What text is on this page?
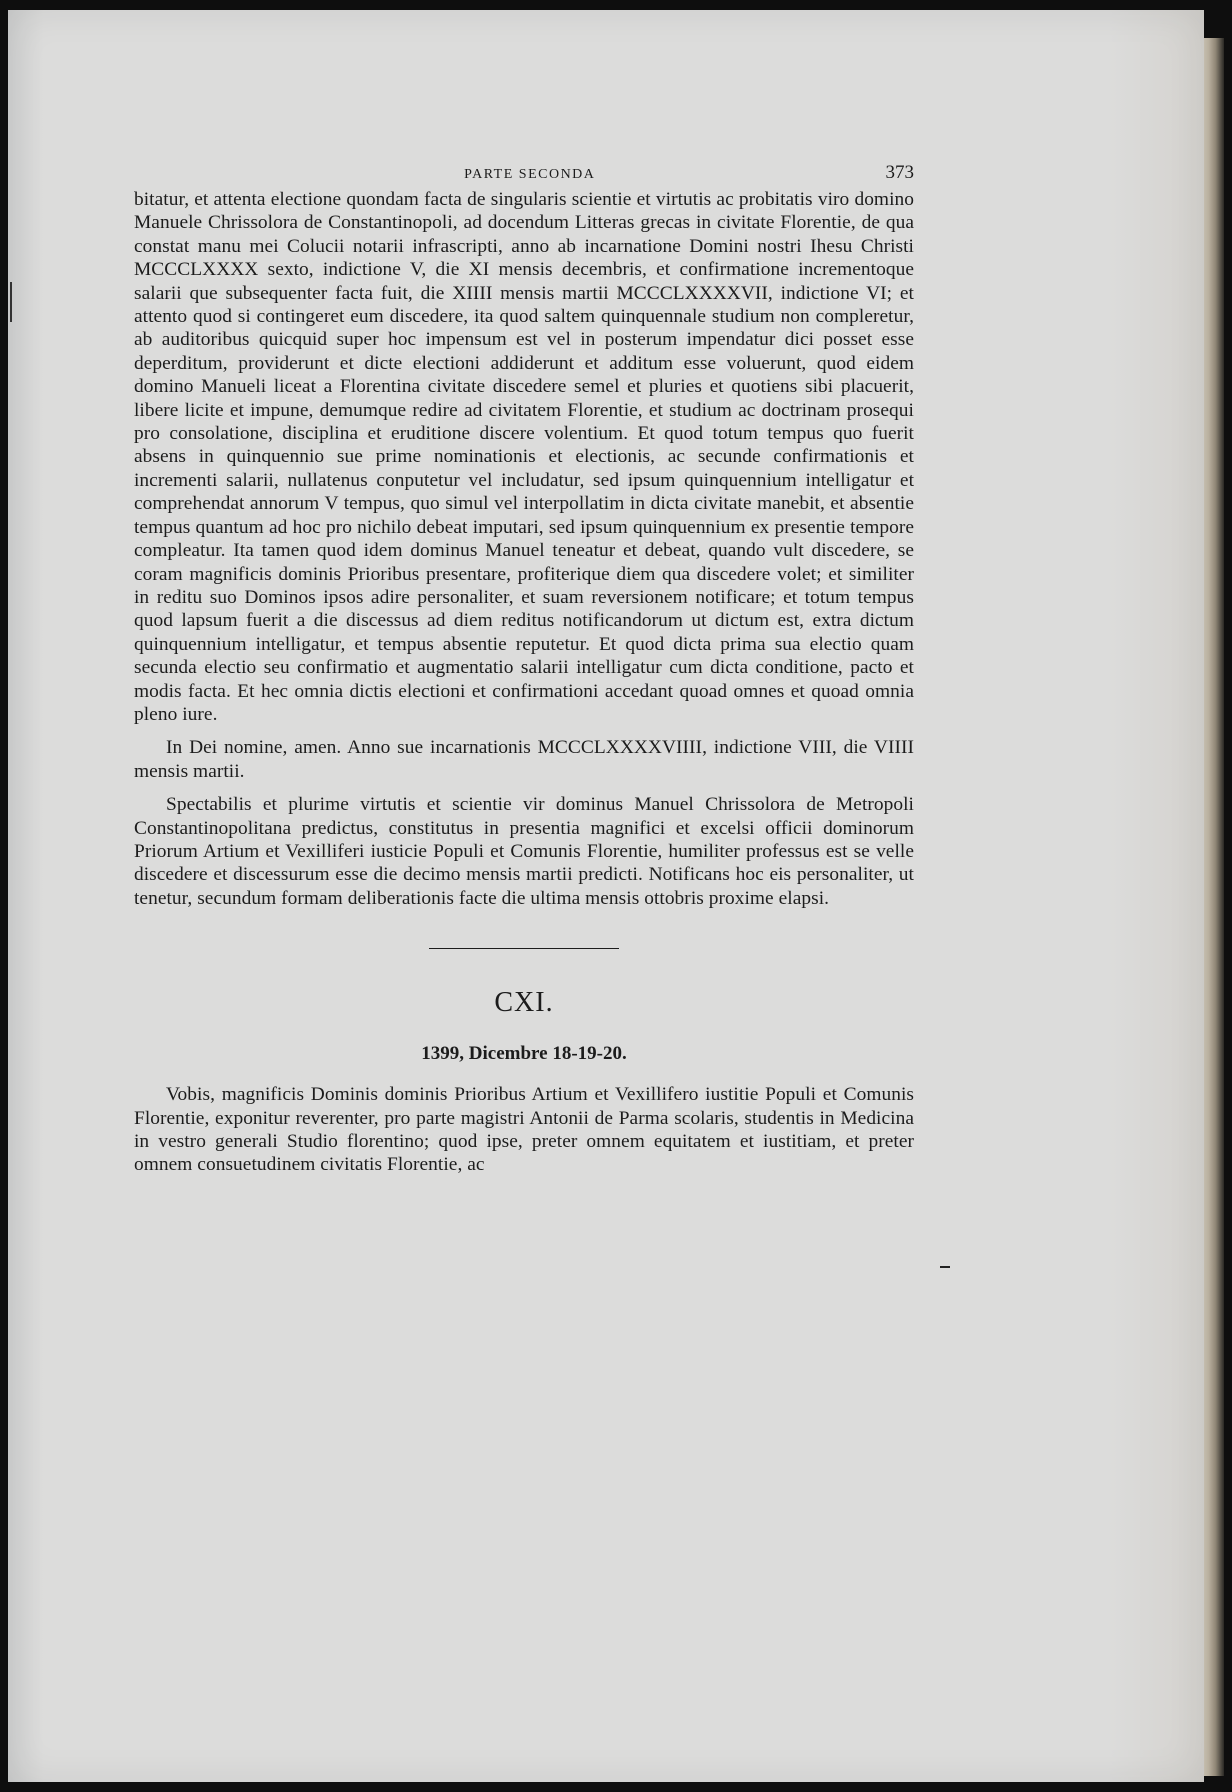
PARTE SECONDA	373

bitatur, et attenta electione quondam facta de singularis scientie et virtutis ac probitatis viro domino Manuele Chrissolora de Constantinopoli, ad docendum Litteras grecas in civitate Florentie, de qua constat manu mei Colucii notarii infrascripti, anno ab incarnatione Domini nostri Ihesu Christi MCCCLXXXX sexto, indictione V, die XI mensis decembris, et confirmatione incrementoque salarii que subsequenter facta fuit, die XIIII mensis martii MCCCLXXXXVII, indictione VI; et attento quod si contingeret eum discedere, ita quod saltem quinquennale studium non compleretur, ab auditoribus quicquid super hoc impensum est vel in posterum impendatur dici posset esse deperditum, providerunt et dicte electioni addiderunt et additum esse voluerunt, quod eidem domino Manueli liceat a Florentina civitate discedere semel et pluries et quotiens sibi placuerit, libere licite et impune, demumque redire ad civitatem Florentie, et studium ac doctrinam prosequi pro consolatione, disciplina et eruditione discere volentium. Et quod totum tempus quo fuerit absens in quinquennio sue prime nominationis et electionis, ac secunde confirmationis et incrementi salarii, nullatenus conputetur vel includatur, sed ipsum quinquennium intelligatur et comprehendat annorum V tempus, quo simul vel interpollatim in dicta civitate manebit, et absentie tempus quantum ad hoc pro nichilo debeat imputari, sed ipsum quinquennium ex presentie tempore compleatur. Ita tamen quod idem dominus Manuel teneatur et debeat, quando vult discedere, se coram magnificis dominis Prioribus presentare, profiterique diem qua discedere volet; et similiter in reditu suo Dominos ipsos adire personaliter, et suam reversionem notificare; et totum tempus quod lapsum fuerit a die discessus ad diem reditus notificandorum ut dictum est, extra dictum quinquennium intelligatur, et tempus absentie reputetur. Et quod dicta prima sua electio quam secunda electio seu confirmatio et augmentatio salarii intelligatur cum dicta conditione, pacto et modis facta. Et hec omnia dictis electioni et confirmationi accedant quoad omnes et quoad omnia pleno iure.

In Dei nomine, amen. Anno sue incarnationis MCCCLXXXXVIIII, indictione VIII, die VIIII mensis martii.

Spectabilis et plurime virtutis et scientie vir dominus Manuel Chrissolora de Metropoli Constantinopolitana predictus, constitutus in presentia magnifici et excelsi officii dominorum Priorum Artium et Vexilliferi iusticie Populi et Comunis Florentie, humiliter professus est se velle discedere et discessurum esse die decimo mensis martii predicti. Notificans hoc eis personaliter, ut tenetur, secundum formam deliberationis facte die ultima mensis ottobris proxime elapsi.

CXI.
1399, Dicembre 18-19-20.

Vobis, magnificis Dominis dominis Prioribus Artium et Vexillifero iustitie Populi et Comunis Florentie, exponitur reverenter, pro parte magistri Antonii de Parma scolaris, studentis in Medicina in vestro generali Studio florentino; quod ipse, preter omnem equitatem et iustitiam, et preter omnem consuetudinem civitatis Florentie, ac
